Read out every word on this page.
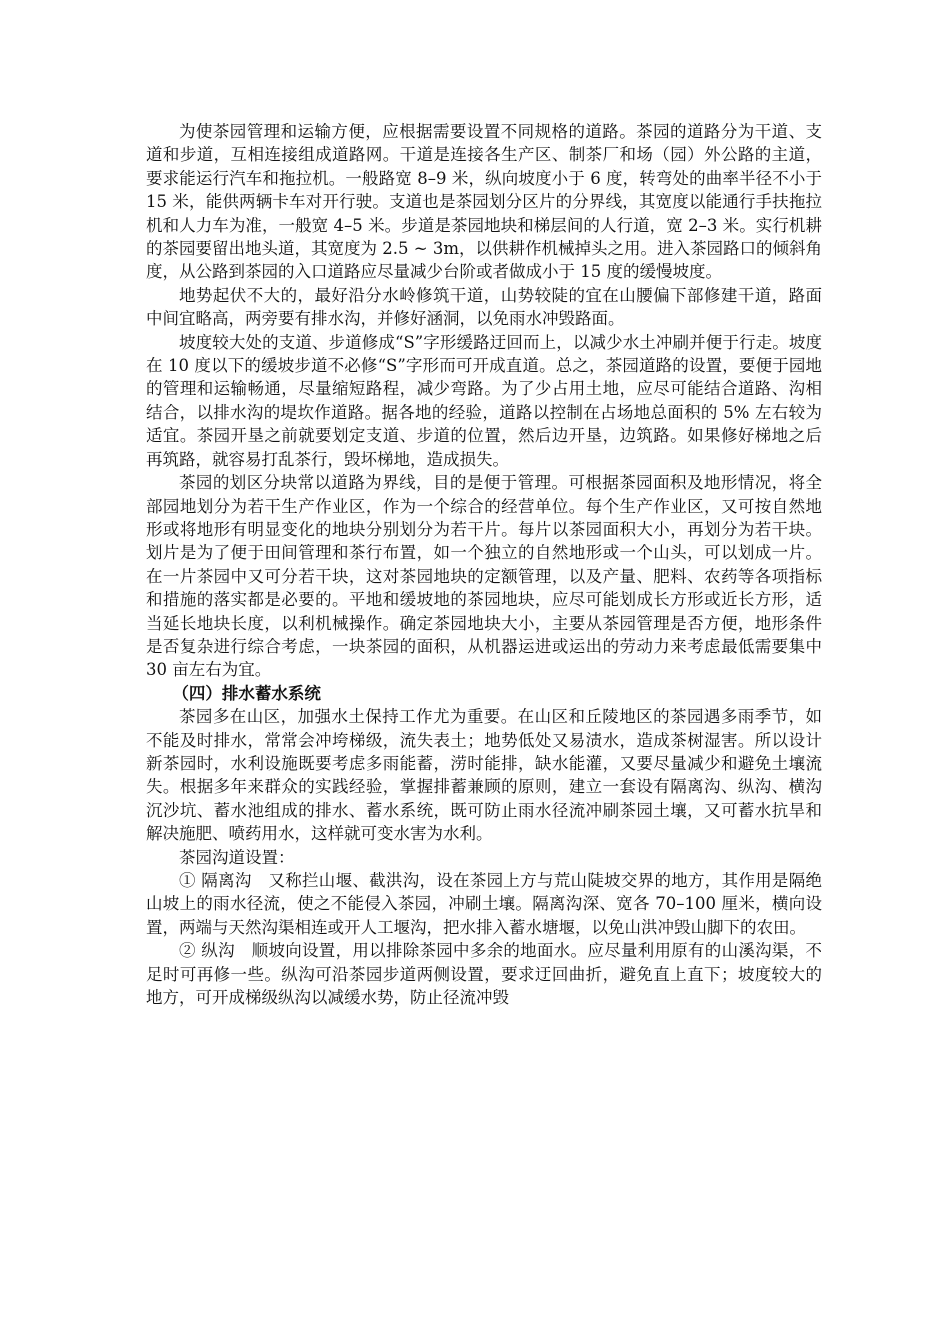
为使茶园管理和运输方便，应根据需要设置不同规格的道路。茶园的道路分为干道、支道和步道，互相连接组成道路网。干道是连接各生产区、制茶厂和场（园）外公路的主道，要求能运行汽车和拖拉机。一般路宽 8–9 米，纵向坡度小于 6 度，转弯处的曲率半径不小于 15 米，能供两辆卡车对开行驶。支道也是茶园划分区片的分界线，其宽度以能通行手扶拖拉机和人力车为准，一般宽 4–5 米。步道是茶园地块和梯层间的人行道，宽 2–3 米。实行机耕的茶园要留出地头道，其宽度为 2.5 ~ 3m，以供耕作机械掉头之用。进入茶园路口的倾斜角度，从公路到茶园的入口道路应尽量减少台阶或者做成小于 15 度的缓慢坡度。

地势起伏不大的，最好沿分水岭修筑干道，山势较陡的宜在山腰偏下部修建干道，路面中间宜略高，两旁要有排水沟，并修好涵洞，以免雨水冲毁路面。

坡度较大处的支道、步道修成“S”字形缓路迂回而上，以减少水土冲刷并便于行走。坡度在 10 度以下的缓坡步道不必修“S”字形而可开成直道。总之，茶园道路的设置，要便于园地的管理和运输畅通，尽量缩短路程，减少弯路。为了少占用土地，应尽可能结合道路、沟相结合，以排水沟的堤坎作道路。据各地的经验，道路以控制在占场地总面积的 5% 左右较为适宜。茶园开垦之前就要划定支道、步道的位置，然后边开垦，边筑路。如果修好梯地之后再筑路，就容易打乱茶行，毁坏梯地，造成损失。

茶园的划区分块常以道路为界线，目的是便于管理。可根据茶园面积及地形情况，将全部园地划分为若干生产作业区，作为一个综合的经营单位。每个生产作业区，又可按自然地形或将地形有明显变化的地块分别划分为若干片。每片以茶园面积大小，再划分为若干块。划片是为了便于田间管理和茶行布置，如一个独立的自然地形或一个山头，可以划成一片。在一片茶园中又可分若干块，这对茶园地块的定额管理，以及产量、肥料、农药等各项指标和措施的落实都是必要的。平地和缓坡地的茶园地块，应尽可能划成长方形或近长方形，适当延长地块长度，以利机械操作。确定茶园地块大小，主要从茶园管理是否方便，地形条件是否复杂进行综合考虑，一块茶园的面积，从机器运进或运出的劳动力来考虑最低需要集中 30 亩左右为宜。

（四）排水蓄水系统

茶园多在山区，加强水土保持工作尤为重要。在山区和丘陵地区的茶园遇多雨季节，如不能及时排水，常常会冲垮梯级，流失表土；地势低处又易渍水，造成茶树湿害。所以设计新茶园时，水利设施既要考虑多雨能蓄，涝时能排，缺水能灌，又要尽量减少和避免土壤流失。根据多年来群众的实践经验，掌握排蓄兼顾的原则，建立一套设有隔离沟、纵沟、横沟沉沙坑、蓄水池组成的排水、蓄水系统，既可防止雨水径流冲刷茶园土壤，又可蓄水抗旱和解决施肥、喷药用水，这样就可变水害为水利。

茶园沟道设置：

① 隔离沟　又称拦山堰、截洪沟，设在茶园上方与荒山陡坡交界的地方，其作用是隔绝山坡上的雨水径流，使之不能侵入茶园，冲刷土壤。隔离沟深、宽各 70–100 厘米，横向设置，两端与天然沟渠相连或开人工堰沟，把水排入蓄水塘堰，以免山洪冲毁山脚下的农田。

② 纵沟　顺坡向设置，用以排除茶园中多余的地面水。应尽量利用原有的山溪沟渠，不足时可再修一些。纵沟可沿茶园步道两侧设置，要求迂回曲折，避免直上直下；坡度较大的地方，可开成梯级纵沟以减缓水势，防止径流冲毁
